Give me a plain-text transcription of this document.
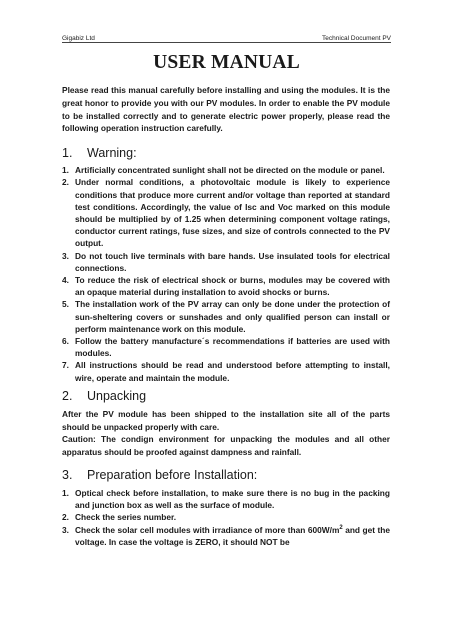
Gigabiz Ltd	Technical Document PV
USER MANUAL

Please read this manual carefully before installing and using the modules. It is the great honor to provide you with our PV modules. In order to enable the PV module to be installed correctly and to generate electric power properly, please read the following operation instruction carefully.

1.	Warning:
1. Artificially concentrated sunlight shall not be directed on the module or panel.
2. Under normal conditions, a photovoltaic module is likely to experience conditions that produce more current and/or voltage than reported at standard test conditions. Accordingly, the value of Isc and Voc marked on this module should be multiplied by of 1.25 when determining component voltage ratings, conductor current ratings, fuse sizes, and size of controls connected to the PV output.
3. Do not touch live terminals with bare hands. Use insulated tools for electrical connections.
4. To reduce the risk of electrical shock or burns, modules may be covered with an opaque material during installation to avoid shocks or burns.
5. The installation work of the PV array can only be done under the protection of sun-sheltering covers or sunshades and only qualified person can install or perform maintenance work on this module.
6. Follow the battery manufacture´s recommendations if batteries are used with modules.
7. All instructions should be read and understood before attempting to install, wire, operate and maintain the module.
2.	Unpacking

After the PV module has been shipped to the installation site all of the parts should be unpacked properly with care.

Caution: The condign environment for unpacking the modules and all other apparatus should be proofed against dampness and rainfall.

3.	Preparation before Installation:
1. Optical check before installation, to make sure there is no bug in the packing and junction box as well as the surface of module.
2. Check the series number.
3. Check the solar cell modules with irradiance of more than $600W/m^2$ and get the voltage. In case the voltage is ZERO, it should NOT be
